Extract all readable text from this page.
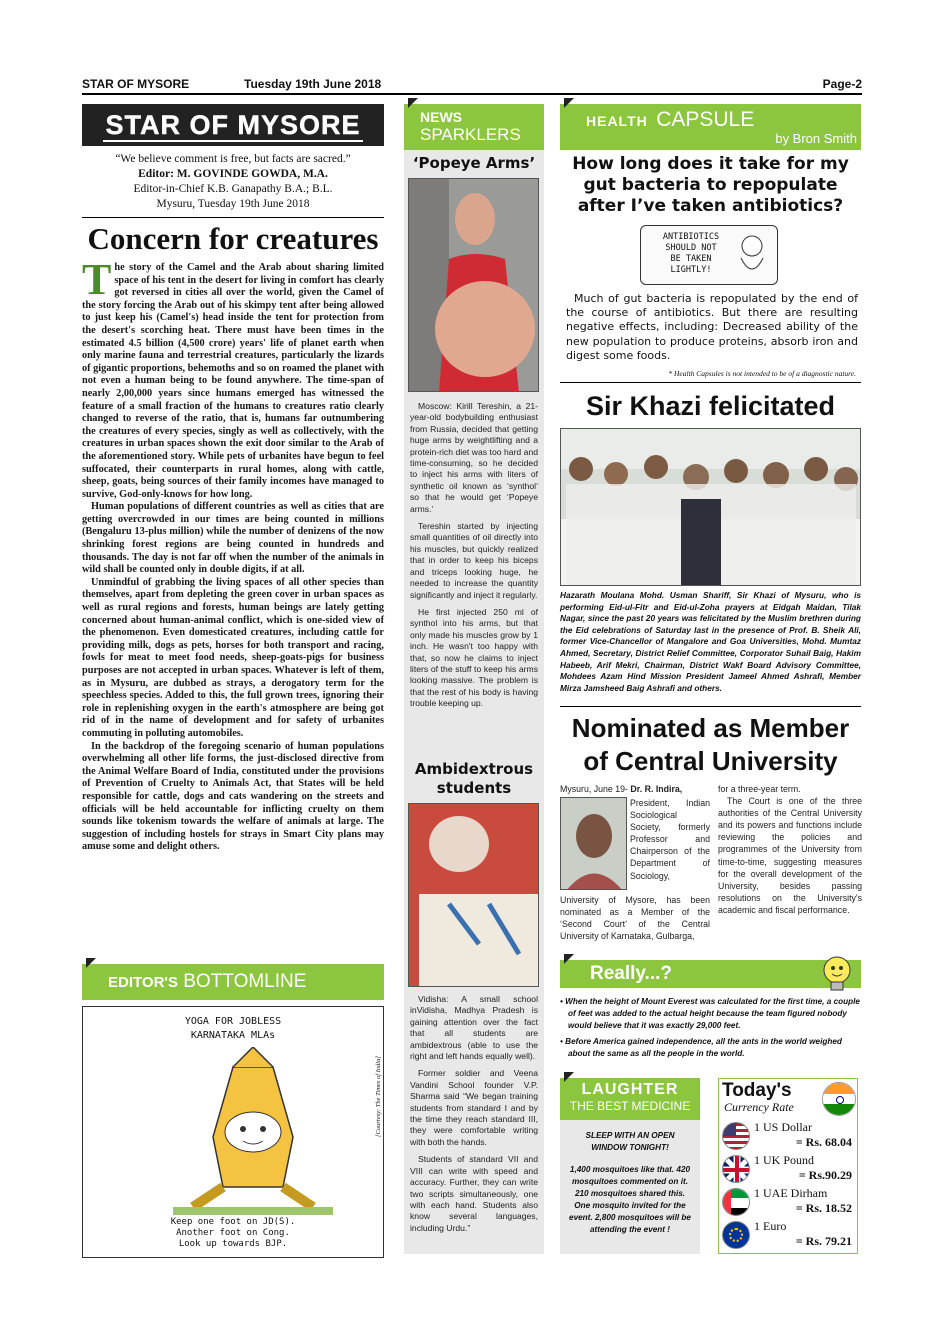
STAR OF MYSORE	Tuesday 19th June 2018	Page-2
STAR OF MYSORE
“We believe comment is free, but facts are sacred.”
Editor: M. GOVINDE GOWDA, M.A.
Editor-in-Chief K.B. Ganapathy B.A.; B.L.
Mysuru, Tuesday 19th June 2018
Concern for creatures

The story of the Camel and the Arab about sharing limited space of his tent in the desert for living in comfort has clearly got reversed in cities all over the world, given the Camel of the story forcing the Arab out of his skimpy tent after being allowed to just keep his (Camel's) head inside the tent for protection from the desert's scorching heat. There must have been times in the estimated 4.5 billion (4,500 crore) years' life of planet earth when only marine fauna and terrestrial creatures, particularly the lizards of gigantic proportions, behemoths and so on roamed the planet with not even a human being to be found anywhere. The time-span of nearly 2,00,000 years since humans emerged has witnessed the feature of a small fraction of the humans to creatures ratio clearly changed to reverse of the ratio, that is, humans far outnumbering the creatures of every species, singly as well as collectively, with the creatures in urban spaces shown the exit door similar to the Arab of the aforementioned story. While pets of urbanites have begun to feel suffocated, their counterparts in rural homes, along with cattle, sheep, goats, being sources of their family incomes have managed to survive, God-only-knows for how long.

Human populations of different countries as well as cities that are getting overcrowded in our times are being counted in millions (Bengaluru 13-plus million) while the number of denizens of the now shrinking forest regions are being counted in hundreds and thousands. The day is not far off when the number of the animals in wild shall be counted only in double digits, if at all.

Unmindful of grabbing the living spaces of all other species than themselves, apart from depleting the green cover in urban spaces as well as rural regions and forests, human beings are lately getting concerned about human-animal conflict, which is one-sided view of the phenomenon. Even domesticated creatures, including cattle for providing milk, dogs as pets, horses for both transport and racing, fowls for meat to meet food needs, sheep-goats-pigs for business purposes are not accepted in urban spaces. Whatever is left of them, as in Mysuru, are dubbed as strays, a derogatory term for the speechless species. Added to this, the full grown trees, ignoring their role in replenishing oxygen in the earth's atmosphere are being got rid of in the name of development and for safety of urbanites commuting in polluting automobiles.

In the backdrop of the foregoing scenario of human populations overwhelming all other life forms, the just-disclosed directive from the Animal Welfare Board of India, constituted under the provisions of Prevention of Cruelty to Animals Act, that States will be held responsible for cattle, dogs and cats wandering on the streets and officials will be held accountable for inflicting cruelty on them sounds like tokenism towards the welfare of animals at large. The suggestion of including hostels for strays in Smart City plans may amuse some and delight others.

EDITOR'S BOTTOMLINE
YOGA FOR JOBLESS
KARNATAKA MLAs
Keep one foot on JD(S).
Another foot on Cong.
Look up towards BJP.
[Courtesy: The Times of India]
NEWS
SPARKLERS
‘Popeye Arms’

Moscow: Kirill Tereshin, a 21-year-old bodybuilding enthusiast from Russia, decided that getting huge arms by weightlifting and a protein-rich diet was too hard and time-consuming, so he decided to inject his arms with liters of synthetic oil known as ‘synthol’ so that he would get ‘Popeye arms.’

Tereshin started by injecting small quantities of oil directly into his muscles, but quickly realized that in order to keep his biceps and triceps looking huge, he needed to increase the quantity significantly and inject it regularly.

He first injected 250 ml of synthol into his arms, but that only made his muscles grow by 1 inch. He wasn't too happy with that, so now he claims to inject liters of the stuff to keep his arms looking massive. The problem is that the rest of his body is having trouble keeping up.

Ambidextrous
students

Vidisha: A small school inVidisha, Madhya Pradesh is gaining attention over the fact that all students are ambidextrous (able to use the right and left hands equally well).

Former soldier and Veena Vandini School founder V.P. Sharma said “We began training students from standard I and by the time they reach standard III, they were comfortable writing with both the hands.

Students of standard VII and VIII can write with speed and accuracy. Further, they can write two scripts simultaneously, one with each hand. Students also know several languages, including Urdu.”

HEALTH CAPSULE
by Bron Smith
How long does it take for my gut bacteria to repopulate after I’ve taken antibiotics?
ANTIBIOTICS
SHOULD NOT
BE TAKEN
LIGHTLY!
Much of gut bacteria is repopulated by the end of the course of antibiotics. But there are resulting negative effects, including: Decreased ability of the new population to produce proteins, absorb iron and digest some foods.
* Health Capsules is not intended to be of a diagnostic nature.
Sir Khazi felicitated
Hazarath Moulana Mohd. Usman Shariff, Sir Khazi of Mysuru, who is performing Eid-ul-Fitr and Eid-ul-Zoha prayers at Eidgah Maidan, Tilak Nagar, since the past 20 years was felicitated by the Muslim brethren during the Eid celebrations of Saturday last in the presence of Prof. B. Sheik Ali, former Vice-Chancellor of Mangalore and Goa Universities, Mohd. Mumtaz Ahmed, Secretary, District Relief Committee, Corporator Suhail Baig, Hakim Habeeb, Arif Mekri, Chairman, District Wakf Board Advisory Committee, Mohdees Azam Hind Mission President Jameel Ahmed Ashrafi, Member Mirza Jamsheed Baig Ashrafi and others.
Nominated as Member
of Central University
Mysuru, June 19- Dr. R. Indira,
President, Indian Sociological Society, formerly Professor and Chairperson of the Department of Sociology,
University of Mysore, has been nominated as a Member of the ‘Second Court’ of the Central University of Karnataka, Gulbarga,

for a three-year term.

The Court is one of the three authorities of the Central University and its powers and functions include reviewing the policies and programmes of the University from time-to-time, suggesting measures for the overall development of the University, besides passing resolutions on the University's academic and fiscal performance.

Really...?
• When the height of Mount Everest was calculated for the first time, a couple of feet was added to the actual height because the team figured nobody would believe that it was exactly 29,000 feet.
• Before America gained independence, all the ants in the world weighed about the same as all the people in the world.
LAUGHTER
THE BEST MEDICINE
SLEEP WITH AN OPEN WINDOW TONIGHT!
1,400 mosquitoes like that. 420 mosquitoes commented on it. 210 mosquitoes shared this. One mosquito invited for the event. 2,800 mosquitoes will be attending the event !
Today's
Currency Rate
1 US Dollar
= Rs. 68.04
1 UK Pound
= Rs.90.29
1 UAE Dirham
= Rs. 18.52
1 Euro
= Rs. 79.21
